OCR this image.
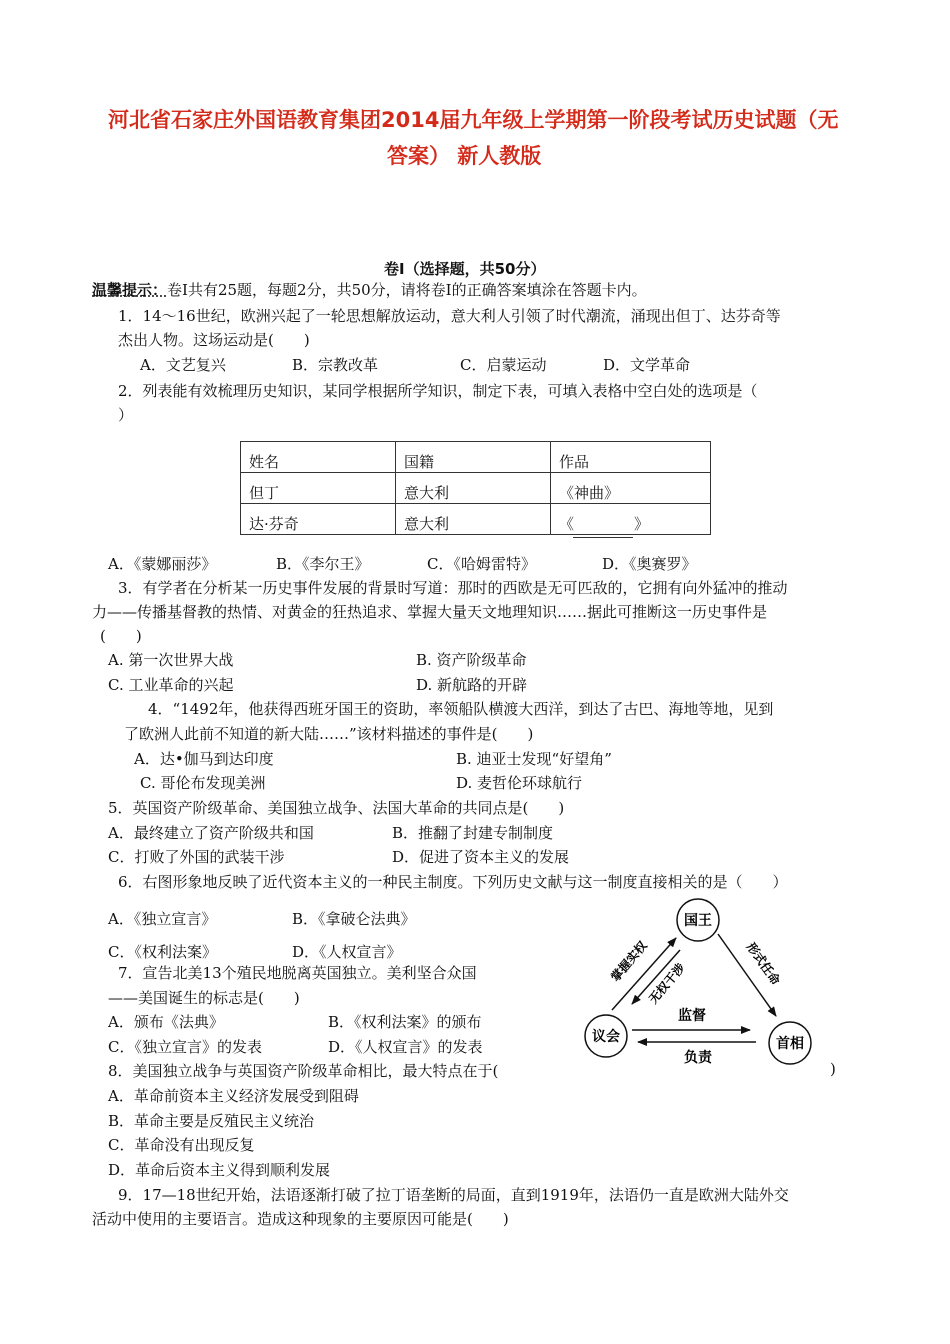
河北省石家庄外国语教育集团2014届九年级上学期第一阶段考试历史试题（无
答案） 新人教版
卷Ⅰ（选择题，共50分）
温馨提示：卷Ⅰ共有25题，每题2分，共50分，请将卷Ⅰ的正确答案填涂在答题卡内。
1．14～16世纪，欧洲兴起了一轮思想解放运动，意大利人引领了时代潮流，涌现出但丁、达芬奇等
杰出人物。这场运动是(　　)
A．文艺复兴	B．宗教改革	C．启蒙运动	D．文学革命
2．列表能有效梳理历史知识，某同学根据所学知识，制定下表，可填入表格中空白处的选项是（
）
姓名	国籍	作品
但丁	意大利	《神曲》
达·芬奇	意大利	《　　　　》
A．《蒙娜丽莎》	B．《李尔王》	C．《哈姆雷特》	D．《奥赛罗》
3．有学者在分析某一历史事件发展的背景时写道：那时的西欧是无可匹敌的，它拥有向外猛冲的推动
力——传播基督教的热情、对黄金的狂热追求、掌握大量天文地理知识……据此可推断这一历史事件是
(　　)
A. 第一次世界大战	B. 资产阶级革命
C. 工业革命的兴起	D. 新航路的开辟
4．“1492年，他获得西班牙国王的资助，率领船队横渡大西洋，到达了古巴、海地等地，见到
了欧洲人此前不知道的新大陆……”该材料描述的事件是(　　)
A．达•伽马到达印度	B. 迪亚士发现“好望角”
C. 哥伦布发现美洲	D. 麦哲伦环球航行
5．英国资产阶级革命、美国独立战争、法国大革命的共同点是(　　)
A．最终建立了资产阶级共和国	B．推翻了封建专制制度
C．打败了外国的武装干涉	D．促进了资本主义的发展
6．右图形象地反映了近代资本主义的一种民主制度。下列历史文献与这一制度直接相关的是（　　）
A．《独立宣言》	B．《拿破仑法典》
C．《权利法案》	D．《人权宣言》
7．宣告北美13个殖民地脱离英国独立。美利坚合众国
——美国诞生的标志是(　　)
A．颁布《法典》	B．《权利法案》的颁布
C．《独立宣言》的发表	D．《人权宣言》的发表
8．美国独立战争与英国资产阶级革命相比，最大特点在于(	)
A．革命前资本主义经济发展受到阻碍
B．革命主要是反殖民主义统治
C．革命没有出现反复
D．革命后资本主义得到顺利发展
9．17—18世纪开始，法语逐渐打破了拉丁语垄断的局面，直到1919年，法语仍一直是欧洲大陆外交
活动中使用的主要语言。造成这种现象的主要原因可能是(　　)
国王
议会	首相
掌握实权
无权干涉	形式任命
监督
负责
